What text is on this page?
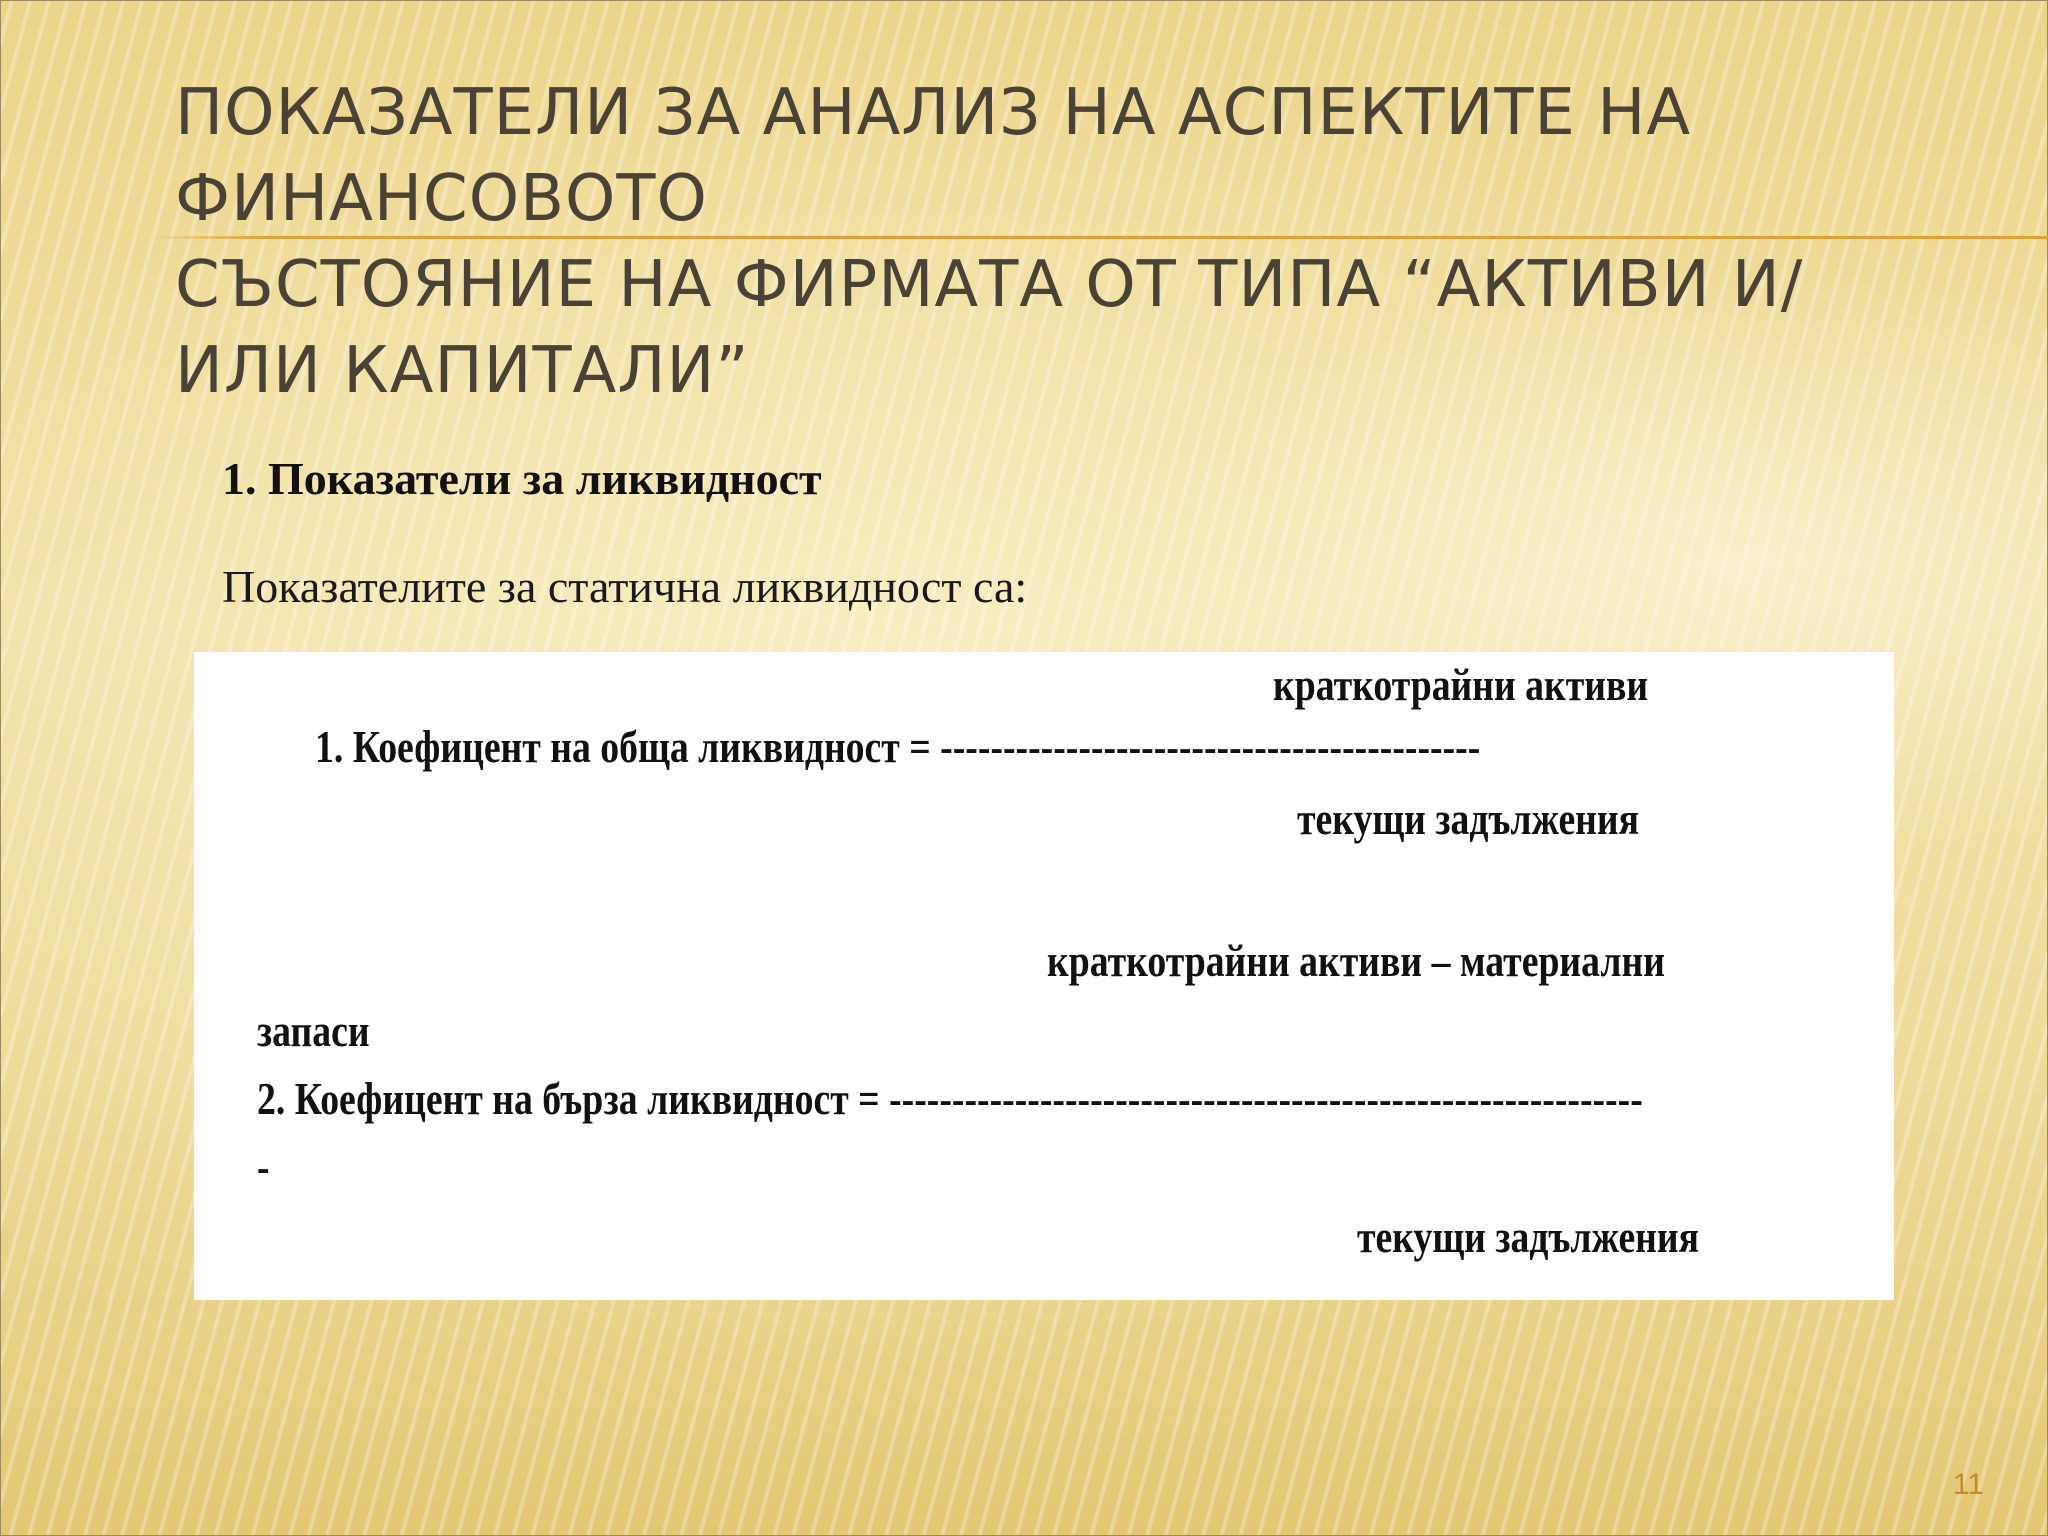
ПОКАЗАТЕЛИ ЗА АНАЛИЗ НА АСПЕКТИТЕ НА ФИНАНСОВОТО
СЪСТОЯНИЕ НА ФИРМАТА ОТ ТИПА “АКТИВИ И/ИЛИ КАПИТАЛИ”

1. Показатели за ликвидност

Показателите за статична ликвидност са:

краткотрайни активи
1. Коефицент на обща ликвидност = -------------------------------------------
текущи задължения
краткотрайни активи – материални
запаси
2. Коефицент на бърза ликвидност = ------------------------------------------------------------
-
текущи задължения
11
